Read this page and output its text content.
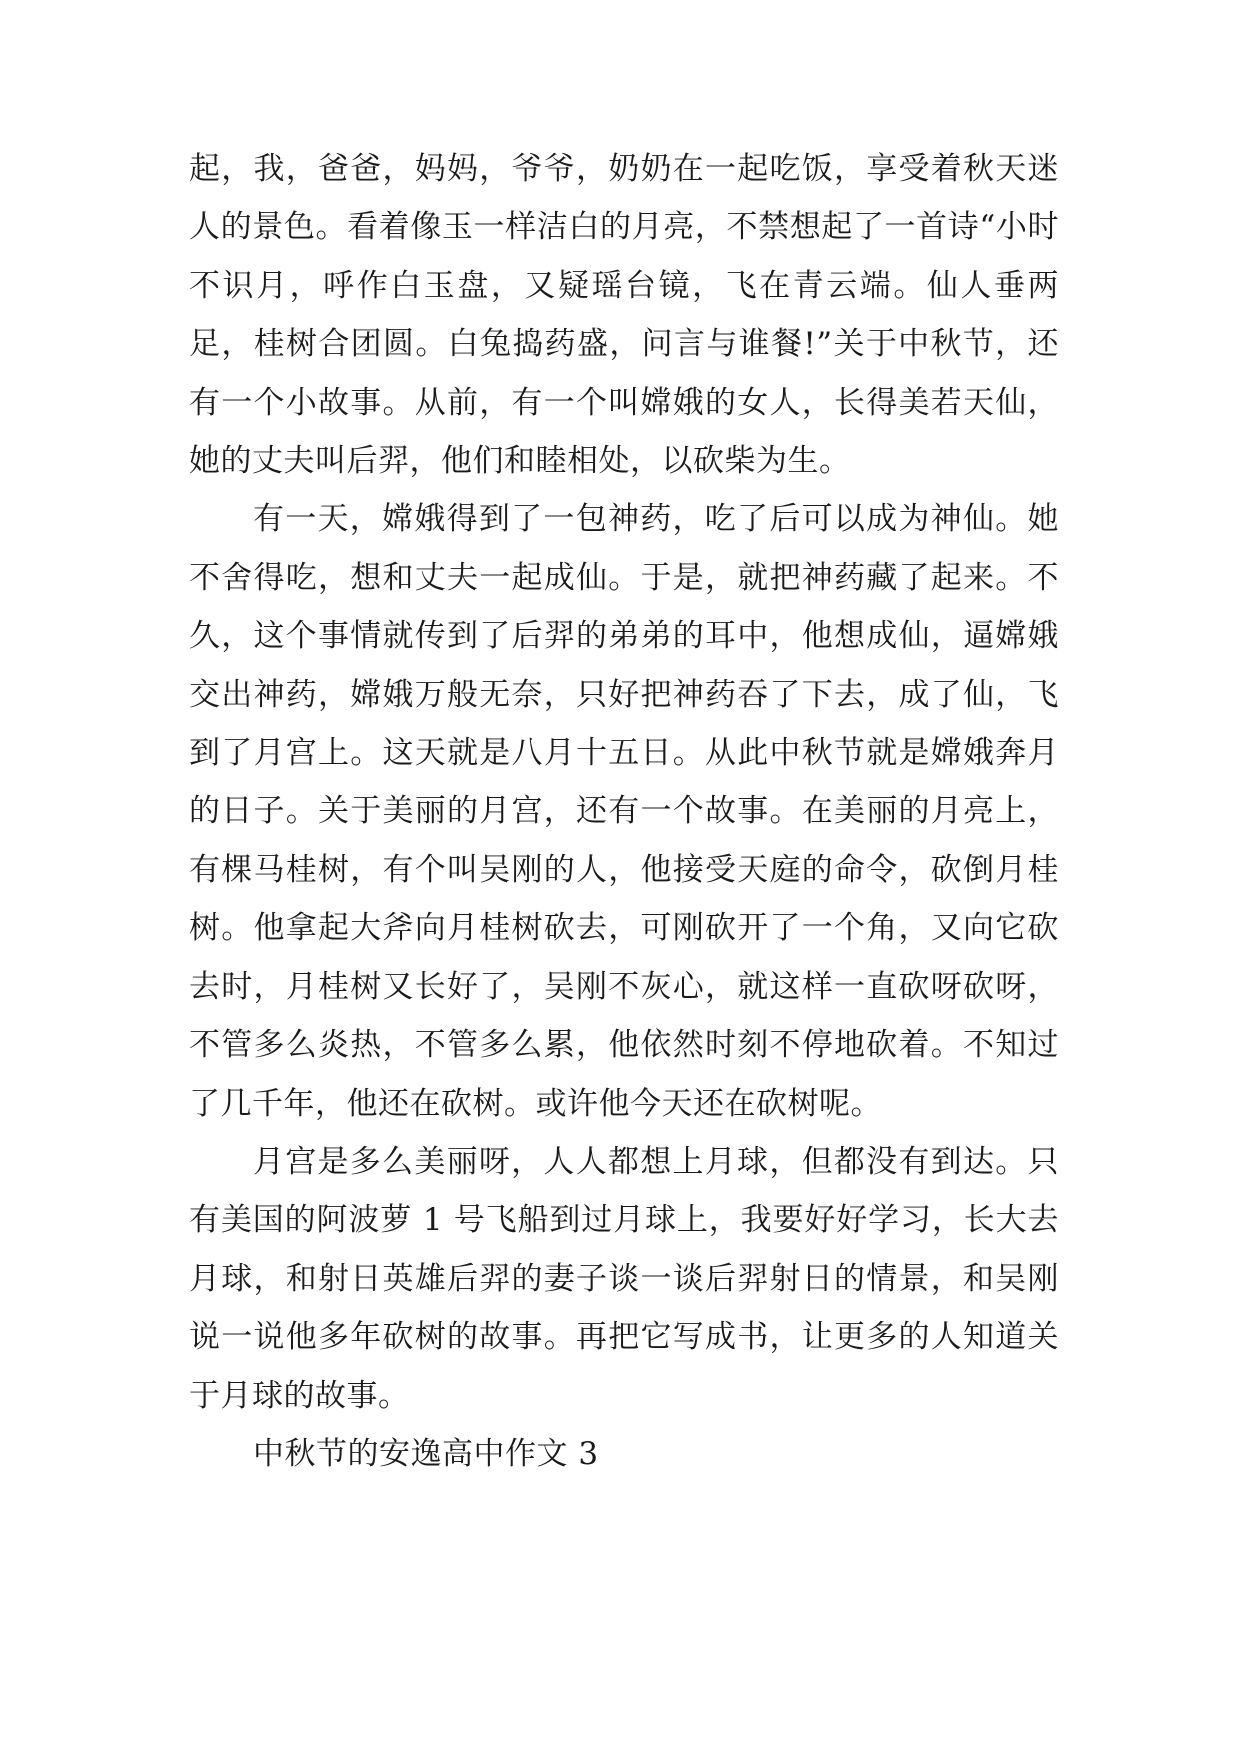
起，我，爸爸，妈妈，爷爷，奶奶在一起吃饭，享受着秋天迷人的景色。看着像玉一样洁白的月亮，不禁想起了一首诗“小时不识月，呼作白玉盘，又疑瑶台镜，飞在青云端。仙人垂两足，桂树合团圆。白兔捣药盛，问言与谁餐!”关于中秋节，还有一个小故事。从前，有一个叫嫦娥的女人，长得美若天仙，她的丈夫叫后羿，他们和睦相处，以砍柴为生。

有一天，嫦娥得到了一包神药，吃了后可以成为神仙。她不舍得吃，想和丈夫一起成仙。于是，就把神药藏了起来。不久，这个事情就传到了后羿的弟弟的耳中，他想成仙，逼嫦娥交出神药，嫦娥万般无奈，只好把神药吞了下去，成了仙，飞到了月宫上。这天就是八月十五日。从此中秋节就是嫦娥奔月的日子。关于美丽的月宫，还有一个故事。在美丽的月亮上，有棵马桂树，有个叫吴刚的人，他接受天庭的命令，砍倒月桂树。他拿起大斧向月桂树砍去，可刚砍开了一个角，又向它砍去时，月桂树又长好了，吴刚不灰心，就这样一直砍呀砍呀，不管多么炎热，不管多么累，他依然时刻不停地砍着。不知过了几千年，他还在砍树。或许他今天还在砍树呢。

月宫是多么美丽呀，人人都想上月球，但都没有到达。只有美国的阿波萝 1 号飞船到过月球上，我要好好学习，长大去月球，和射日英雄后羿的妻子谈一谈后羿射日的情景，和吴刚说一说他多年砍树的故事。再把它写成书，让更多的人知道关于月球的故事。

中秋节的安逸高中作文 3
